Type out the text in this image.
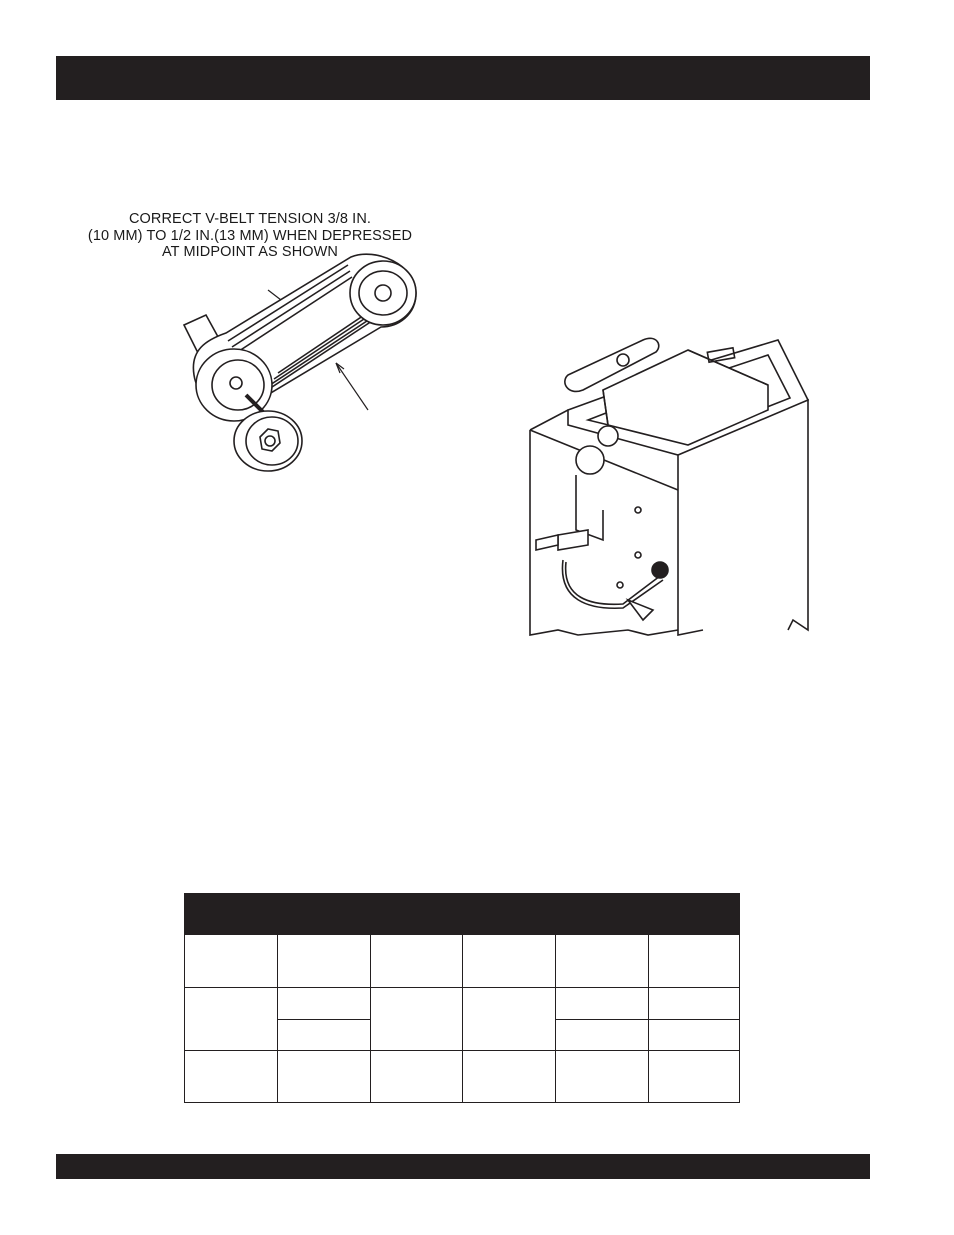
CORRECT V-BELT TENSION 3/8 IN.
(10 MM) TO 1/2 IN.(13 MM) WHEN DEPRESSED
AT MIDPOINT AS SHOWN
